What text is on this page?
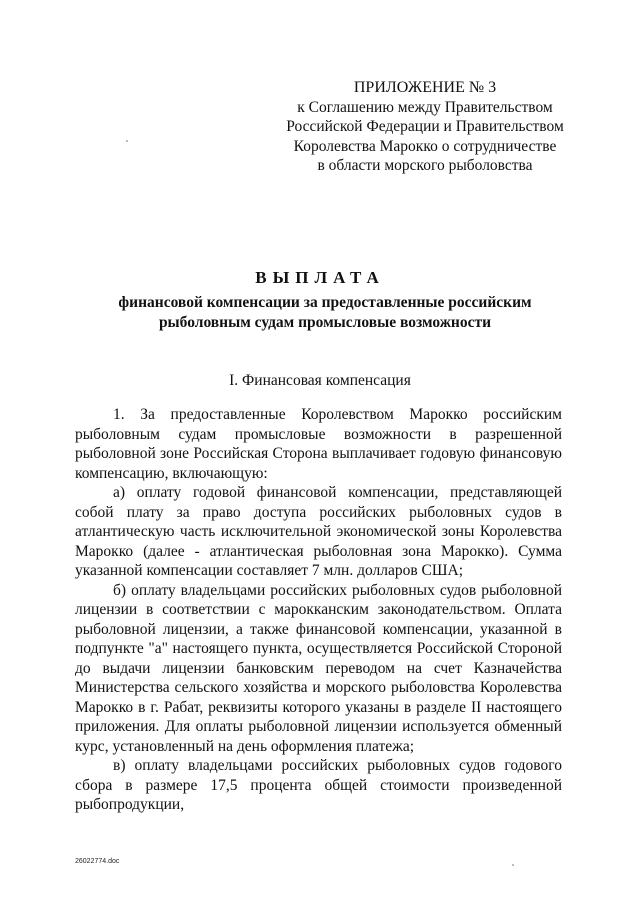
ПРИЛОЖЕНИЕ № 3
к Соглашению между Правительством
Российской Федерации и Правительством
Королевства Марокко о сотрудничестве
в области морского рыболовства
ВЫПЛАТА
финансовой компенсации за предоставленные российским
рыболовным судам промысловые возможности
I. Финансовая компенсация

1. За предоставленные Королевством Марокко российским рыболовным судам промысловые возможности в разрешенной рыболовной зоне Российская Сторона выплачивает годовую финансовую компенсацию, включающую:

а) оплату годовой финансовой компенсации, представляющей собой плату за право доступа российских рыболовных судов в атлантическую часть исключительной экономической зоны Королевства Марокко (далее - атлантическая рыболовная зона Марокко). Сумма указанной компенсации составляет 7 млн. долларов США;

б) оплату владельцами российских рыболовных судов рыболовной лицензии в соответствии с марокканским законодательством. Оплата рыболовной лицензии, а также финансовой компенсации, указанной в подпункте "а" настоящего пункта, осуществляется Российской Стороной до выдачи лицензии банковским переводом на счет Казначейства Министерства сельского хозяйства и морского рыболовства Королевства Марокко в г. Рабат, реквизиты которого указаны в разделе II настоящего приложения. Для оплаты рыболовной лицензии используется обменный курс, установленный на день оформления платежа;

в) оплату владельцами российских рыболовных судов годового сбора в размере 17,5 процента общей стоимости произведенной рыбопродукции,

26022774.doc
